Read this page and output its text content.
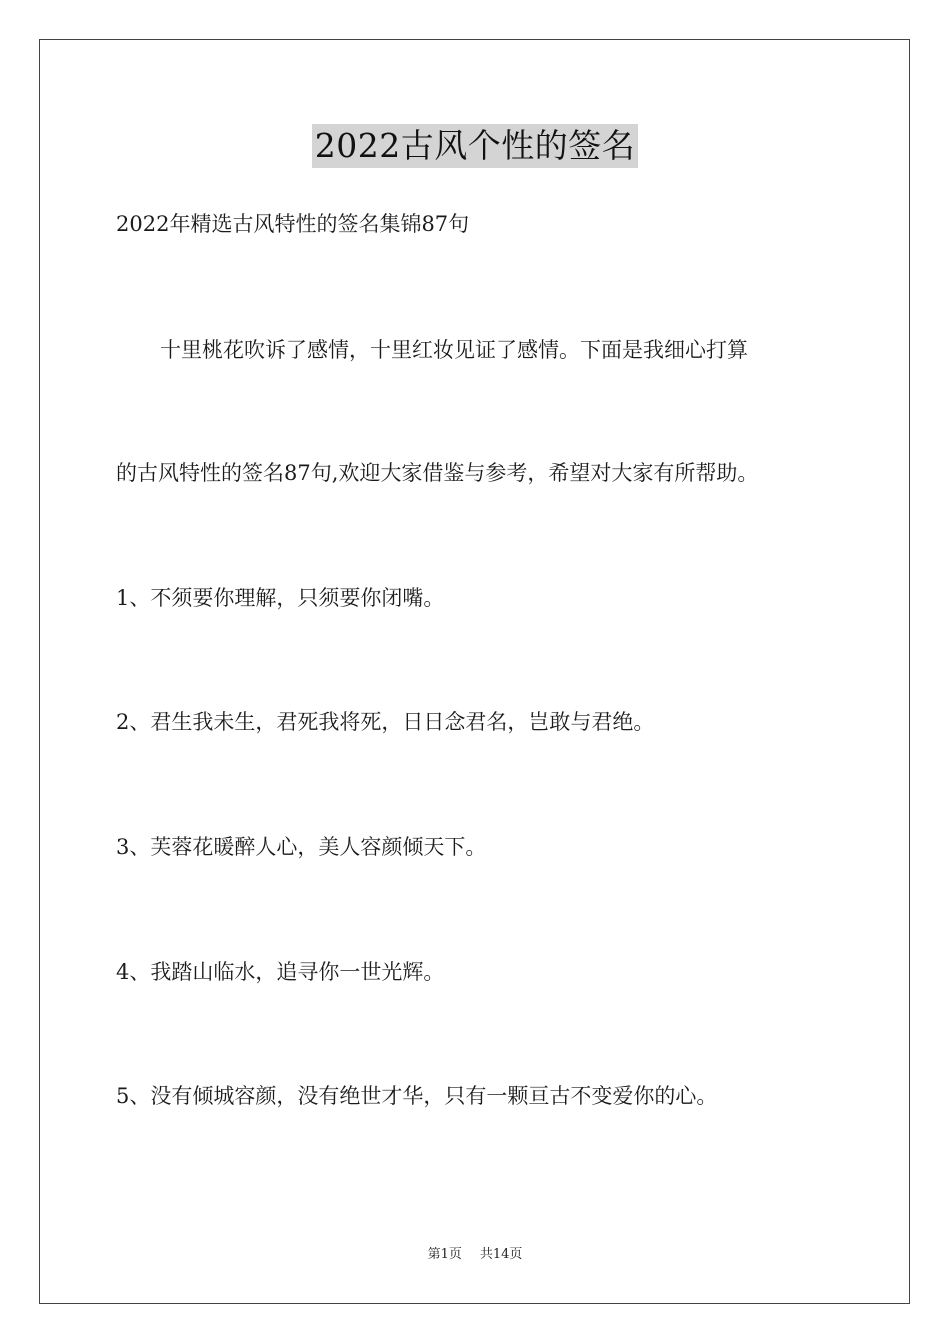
2022古风个性的签名
2022年精选古风特性的签名集锦87句
十里桃花吹诉了感情，十里红妆见证了感情。下面是我细心打算
的古风特性的签名87句,欢迎大家借鉴与参考，希望对大家有所帮助。
1、不须要你理解，只须要你闭嘴。
2、君生我未生，君死我将死，日日念君名，岂敢与君绝。
3、芙蓉花暖醉人心，美人容颜倾天下。
4、我踏山临水，追寻你一世光辉。
5、没有倾城容颜，没有绝世才华，只有一颗亘古不变爱你的心。
第1页 共14页
